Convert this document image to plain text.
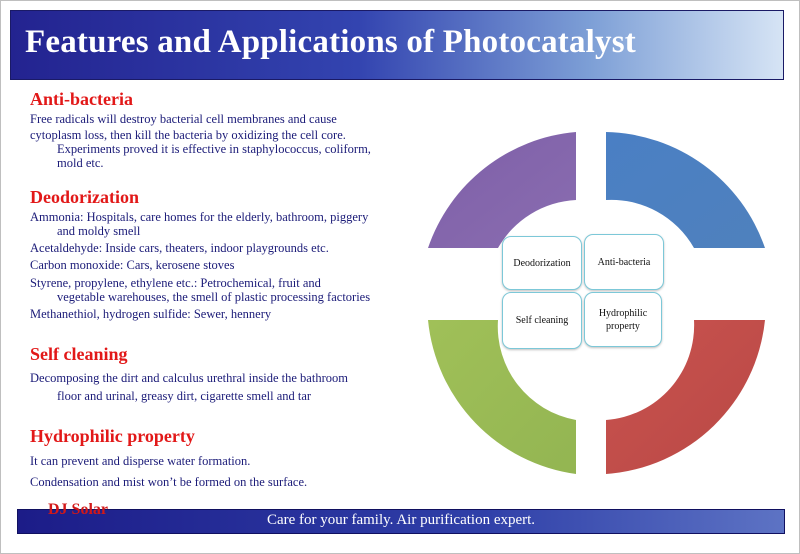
Features and Applications of Photocatalyst
Anti-bacteria
Free radicals will destroy bacterial cell membranes and cause
cytoplasm loss, then kill the bacteria by oxidizing the cell core.
Experiments proved it is effective in staphylococcus, coliform,
mold etc.
Deodorization
Ammonia: Hospitals, care homes for the elderly, bathroom, piggery
and moldy smell
Acetaldehyde: Inside cars, theaters, indoor playgrounds etc.
Carbon monoxide: Cars, kerosene stoves
Styrene, propylene, ethylene etc.: Petrochemical, fruit and
vegetable warehouses, the smell of plastic processing factories
Methanethiol, hydrogen sulfide: Sewer, hennery
Self cleaning
Decomposing the dirt and calculus urethral inside the bathroom
floor and urinal, greasy dirt, cigarette smell and tar
Hydrophilic property
It can prevent and disperse water formation.
Condensation and mist won’t be formed on the surface.
Deodorization	Anti-bacteria
Self cleaning
Hydrophilic property
Care for your family. Air purification expert.
DJ Solar
